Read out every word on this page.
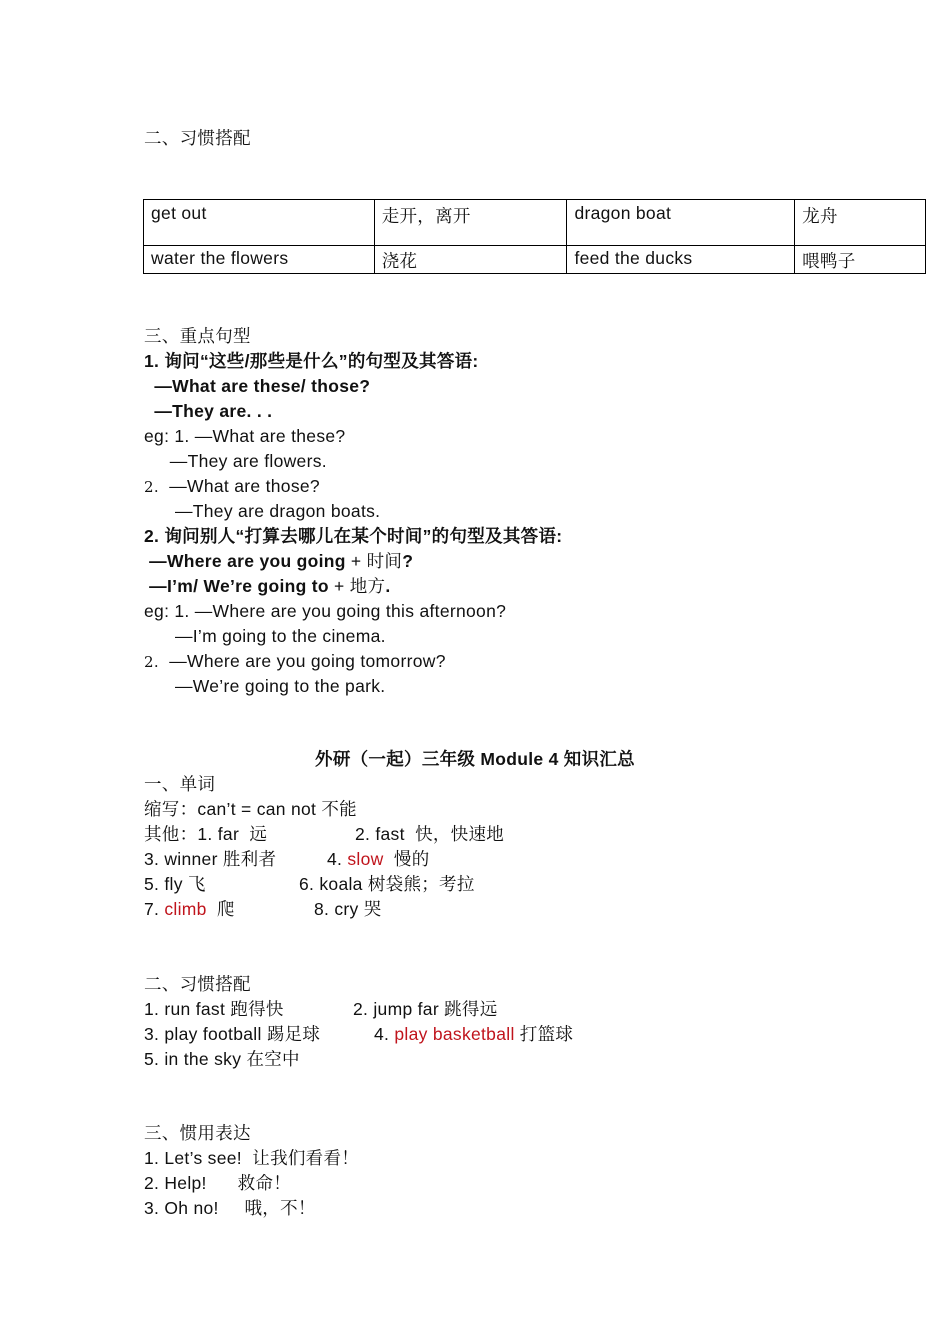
二、习惯搭配
get out	走开，离开	dragon boat	龙舟
water the flowers	浇花	feed the ducks	喂鸭子
三、重点句型
1. 询问“这些/那些是什么”的句型及其答语:
—What are these/ those?
—They are. . .
eg: 1. —What are these?
—They are flowers.
2.  —What are those?
—They are dragon boats.
2. 询问别人“打算去哪儿在某个时间”的句型及其答语:
—Where are you going + 时间?
—I’m/ We’re going to + 地方.
eg: 1. —Where are you going this afternoon?
—I’m going to the cinema.
2.  —Where are you going tomorrow?
—We’re going to the park.
外研（一起）三年级 Module 4 知识汇总
一、单词
缩写：can’t = can not 不能
其他：1. far  远	2. fast  快，快速地
3. winner 胜利者	4. slow  慢的
5. fly 飞	6. koala 树袋熊；考拉
7. climb  爬	8. cry 哭
二、习惯搭配
1. run fast 跑得快	2. jump far 跳得远
3. play football 踢足球	4. play basketball 打篮球
5. in the sky 在空中
三、惯用表达
1. Let’s see!  让我们看看！
2. Help!      救命！
3. Oh no!     哦，不！
